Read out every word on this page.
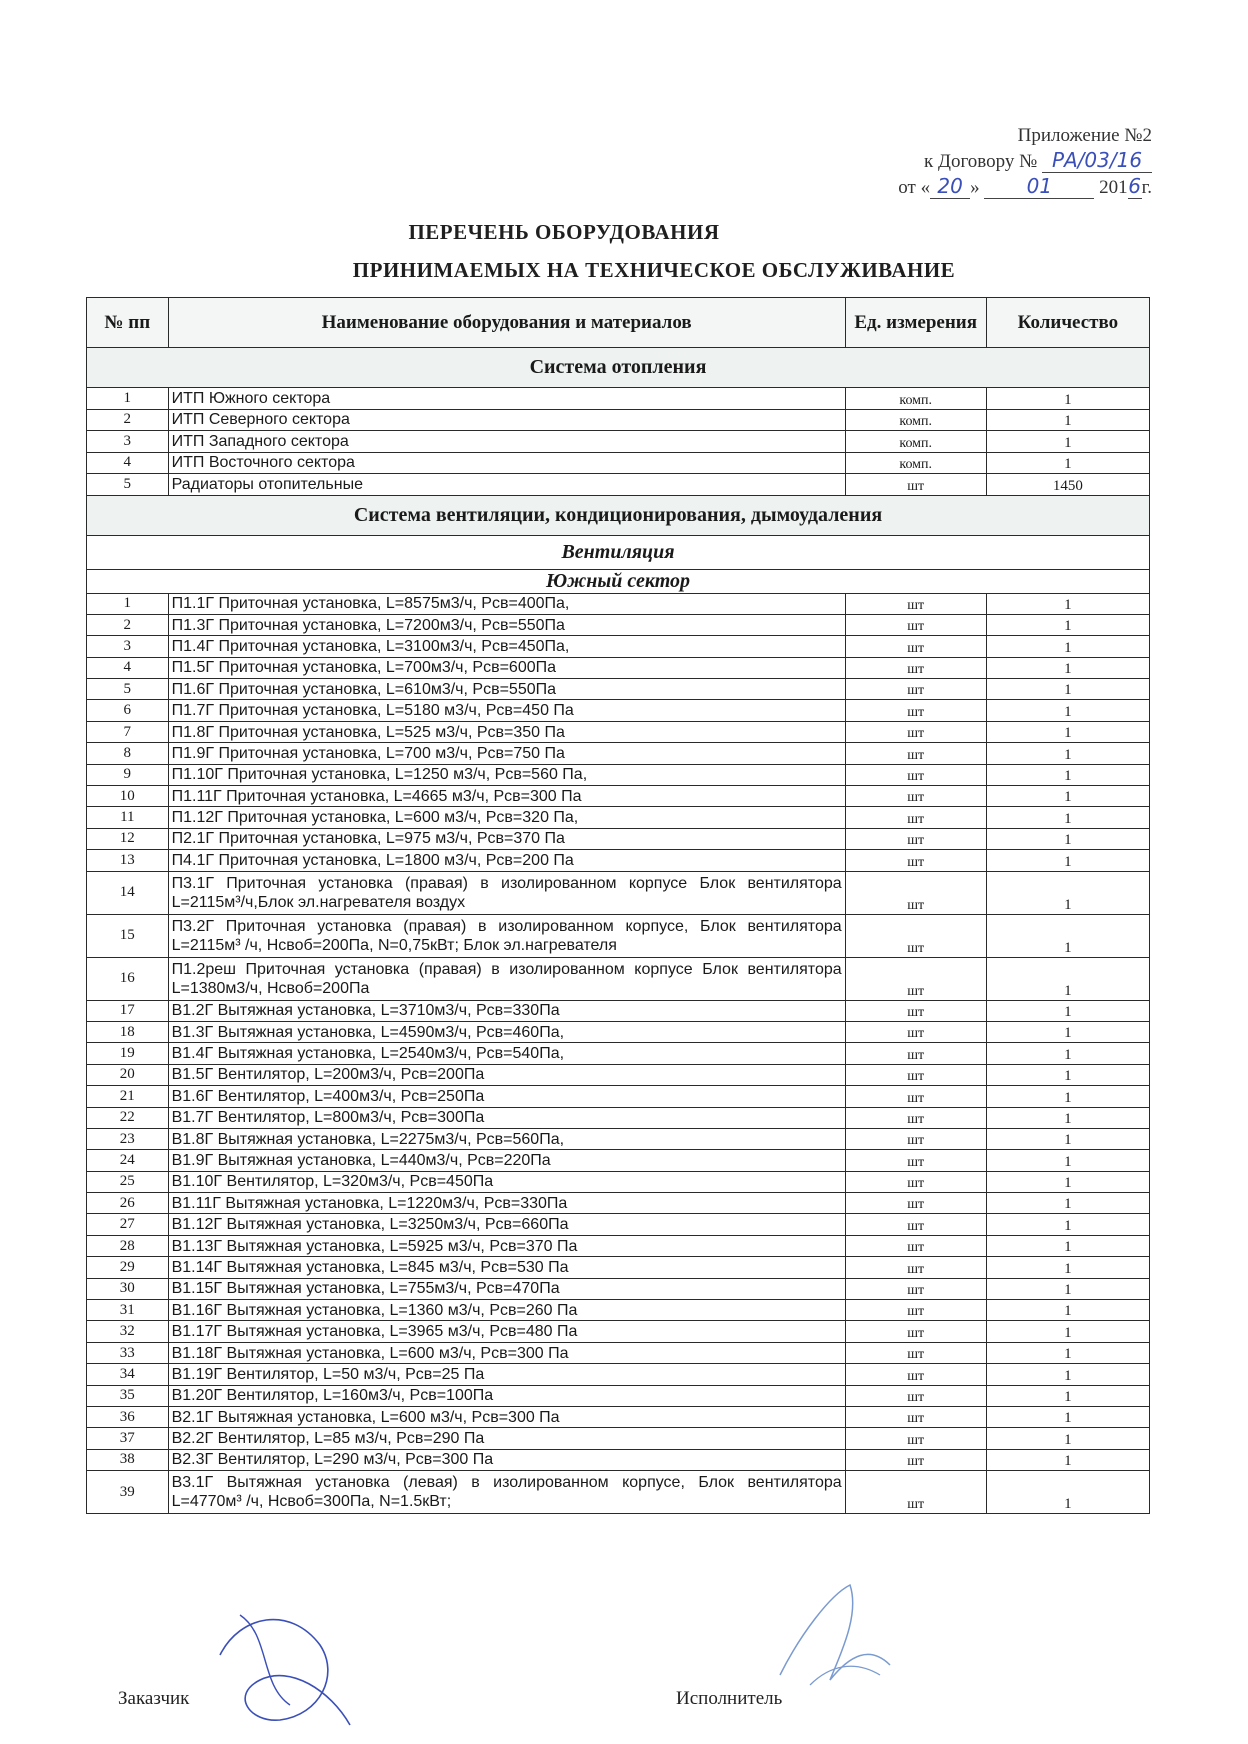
Приложение №2
к Договору № РА/03/16
от « 20 » 01 2016г.
ПЕРЕЧЕНЬ ОБОРУДОВАНИЯ
ПРИНИМАЕМЫХ НА ТЕХНИЧЕСКОЕ ОБСЛУЖИВАНИЕ
№ пп	Наименование оборудования и материалов	Ед. измерения	Количество
Система отопления			
1	ИТП Южного сектора	комп.	1
2	ИТП Северного сектора	комп.	1
3	ИТП Западного сектора	комп.	1
4	ИТП Восточного сектора	комп.	1
5	Радиаторы отопительные	шт	1450
Система вентиляции, кондиционирования, дымоудаления			
Вентиляция			
Южный сектор			
1	П1.1Г Приточная установка, L=8575м3/ч, Pсв=400Па,	шт	1
2	П1.3Г Приточная установка, L=7200м3/ч, Pсв=550Па	шт	1
3	П1.4Г Приточная установка, L=3100м3/ч, Pсв=450Па,	шт	1
4	П1.5Г Приточная установка, L=700м3/ч, Pсв=600Па	шт	1
5	П1.6Г Приточная установка, L=610м3/ч, Pсв=550Па	шт	1
6	П1.7Г Приточная установка, L=5180 м3/ч, Pсв=450 Па	шт	1
7	П1.8Г Приточная установка, L=525 м3/ч, Pсв=350 Па	шт	1
8	П1.9Г Приточная установка, L=700 м3/ч, Pсв=750 Па	шт	1
9	П1.10Г Приточная установка, L=1250 м3/ч, Pсв=560 Па,	шт	1
10	П1.11Г Приточная установка, L=4665 м3/ч, Pсв=300 Па	шт	1
11	П1.12Г Приточная установка, L=600 м3/ч, Pсв=320 Па,	шт	1
12	П2.1Г Приточная установка, L=975 м3/ч, Pсв=370 Па	шт	1
13	П4.1Г Приточная установка, L=1800 м3/ч, Pсв=200 Па	шт	1
14	П3.1Г Приточная установка (правая) в изолированном корпусе Блок вентилятора L=2115м³/ч,Блок эл.нагревателя воздух	шт	1
15	П3.2Г Приточная установка (правая) в изолированном корпусе, Блок вентилятора L=2115м³ /ч, Нсвоб=200Па, N=0,75кВт; Блок эл.нагревателя	шт	1
16	П1.2реш Приточная установка (правая) в изолированном корпусе Блок вентилятора L=1380м3/ч, Нсвоб=200Па	шт	1
17	В1.2Г Вытяжная установка, L=3710м3/ч, Pсв=330Па	шт	1
18	В1.3Г Вытяжная установка, L=4590м3/ч, Pсв=460Па,	шт	1
19	В1.4Г Вытяжная установка, L=2540м3/ч, Pсв=540Па,	шт	1
20	В1.5Г Вентилятор, L=200м3/ч, Pсв=200Па	шт	1
21	В1.6Г Вентилятор, L=400м3/ч, Pсв=250Па	шт	1
22	В1.7Г Вентилятор, L=800м3/ч, Pсв=300Па	шт	1
23	В1.8Г Вытяжная установка, L=2275м3/ч, Pсв=560Па,	шт	1
24	В1.9Г Вытяжная установка, L=440м3/ч, Pсв=220Па	шт	1
25	В1.10Г Вентилятор, L=320м3/ч, Pсв=450Па	шт	1
26	В1.11Г Вытяжная установка, L=1220м3/ч, Pсв=330Па	шт	1
27	В1.12Г Вытяжная установка, L=3250м3/ч, Pсв=660Па	шт	1
28	В1.13Г Вытяжная установка, L=5925 м3/ч, Pсв=370 Па	шт	1
29	В1.14Г Вытяжная установка, L=845 м3/ч, Pсв=530 Па	шт	1
30	В1.15Г Вытяжная установка, L=755м3/ч, Pсв=470Па	шт	1
31	В1.16Г Вытяжная установка, L=1360 м3/ч, Pсв=260 Па	шт	1
32	В1.17Г Вытяжная установка, L=3965 м3/ч, Pсв=480 Па	шт	1
33	В1.18Г Вытяжная установка, L=600 м3/ч, Pсв=300 Па	шт	1
34	В1.19Г Вентилятор, L=50 м3/ч, Pсв=25 Па	шт	1
35	В1.20Г Вентилятор, L=160м3/ч, Pсв=100Па	шт	1
36	В2.1Г Вытяжная установка, L=600 м3/ч, Pсв=300 Па	шт	1
37	В2.2Г Вентилятор, L=85 м3/ч, Pсв=290 Па	шт	1
38	В2.3Г Вентилятор, L=290 м3/ч, Pсв=300 Па	шт	1
39	В3.1Г Вытяжная установка (левая) в изолированном корпусе, Блок вентилятора L=4770м³ /ч, Нсвоб=300Па, N=1.5кВт;	шт	1
Заказчик	Исполнитель
